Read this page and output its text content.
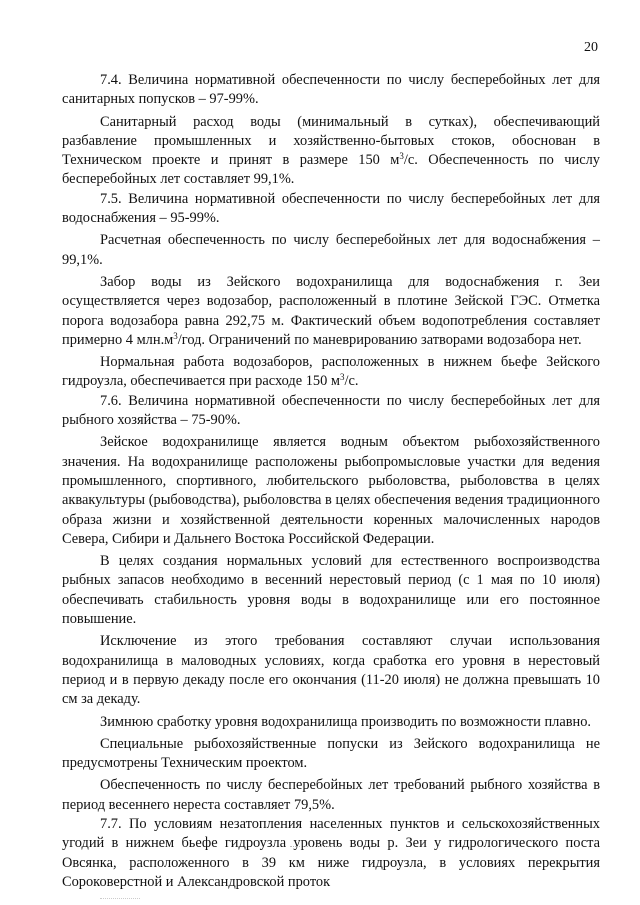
20

7.4. Величина нормативной обеспеченности по числу бесперебойных лет для санитарных попусков – 97-99%.

Санитарный расход воды (минимальный в сутках), обеспечивающий разбавление промышленных и хозяйственно-бытовых стоков, обоснован в Техническом проекте и принят в размере 150 $м^3/с$. Обеспеченность по числу бесперебойных лет составляет 99,1%.

7.5. Величина нормативной обеспеченности по числу бесперебойных лет для водоснабжения – 95-99%.

Расчетная обеспеченность по числу бесперебойных лет для водоснабжения – 99,1%.

Забор воды из Зейского водохранилища для водоснабжения г. Зеи осуществляется через водозабор, расположенный в плотине Зейской ГЭС. Отметка порога водозабора равна 292,75 м. Фактический объем водопотребления составляет примерно 4 $млн.м^3$/год. Ограничений по маневрированию затворами водозабора нет.

Нормальная работа водозаборов, расположенных в нижнем бьефе Зейского гидроузла, обеспечивается при расходе 150 $м^3/с$.

7.6. Величина нормативной обеспеченности по числу бесперебойных лет для рыбного хозяйства – 75-90%.

Зейское водохранилище является водным объектом рыбохозяйственного значения. На водохранилище расположены рыбопромысловые участки для ведения промышленного, спортивного, любительского рыболовства, рыболовства в целях аквакультуры (рыбоводства), рыболовства в целях обеспечения ведения традиционного образа жизни и хозяйственной деятельности коренных малочисленных народов Севера, Сибири и Дальнего Востока Российской Федерации.

В целях создания нормальных условий для естественного воспроизводства рыбных запасов необходимо в весенний нерестовый период (с 1 мая по 10 июля) обеспечивать стабильность уровня воды в водохранилище или его постоянное повышение.

Исключение из этого требования составляют случаи использования водохранилища в маловодных условиях, когда сработка его уровня в нерестовый период и в первую декаду после его окончания (11-20 июля) не должна превышать 10 см за декаду.

Зимнюю сработку уровня водохранилища производить по возможности плавно.

Специальные рыбохозяйственные попуски из Зейского водохранилища не предусмотрены Техническим проектом.

Обеспеченность по числу бесперебойных лет требований рыбного хозяйства в период весеннего нереста составляет 79,5%.

7.7. По условиям незатопления населенных пунктов и сельскохозяйственных угодий в нижнем бьефе гидроузла уровень воды р. Зеи у гидрологического поста Овсянка, расположенного в 39 км ниже гидроузла, в условиях перекрытия Сороковерстной и Александровской проток
